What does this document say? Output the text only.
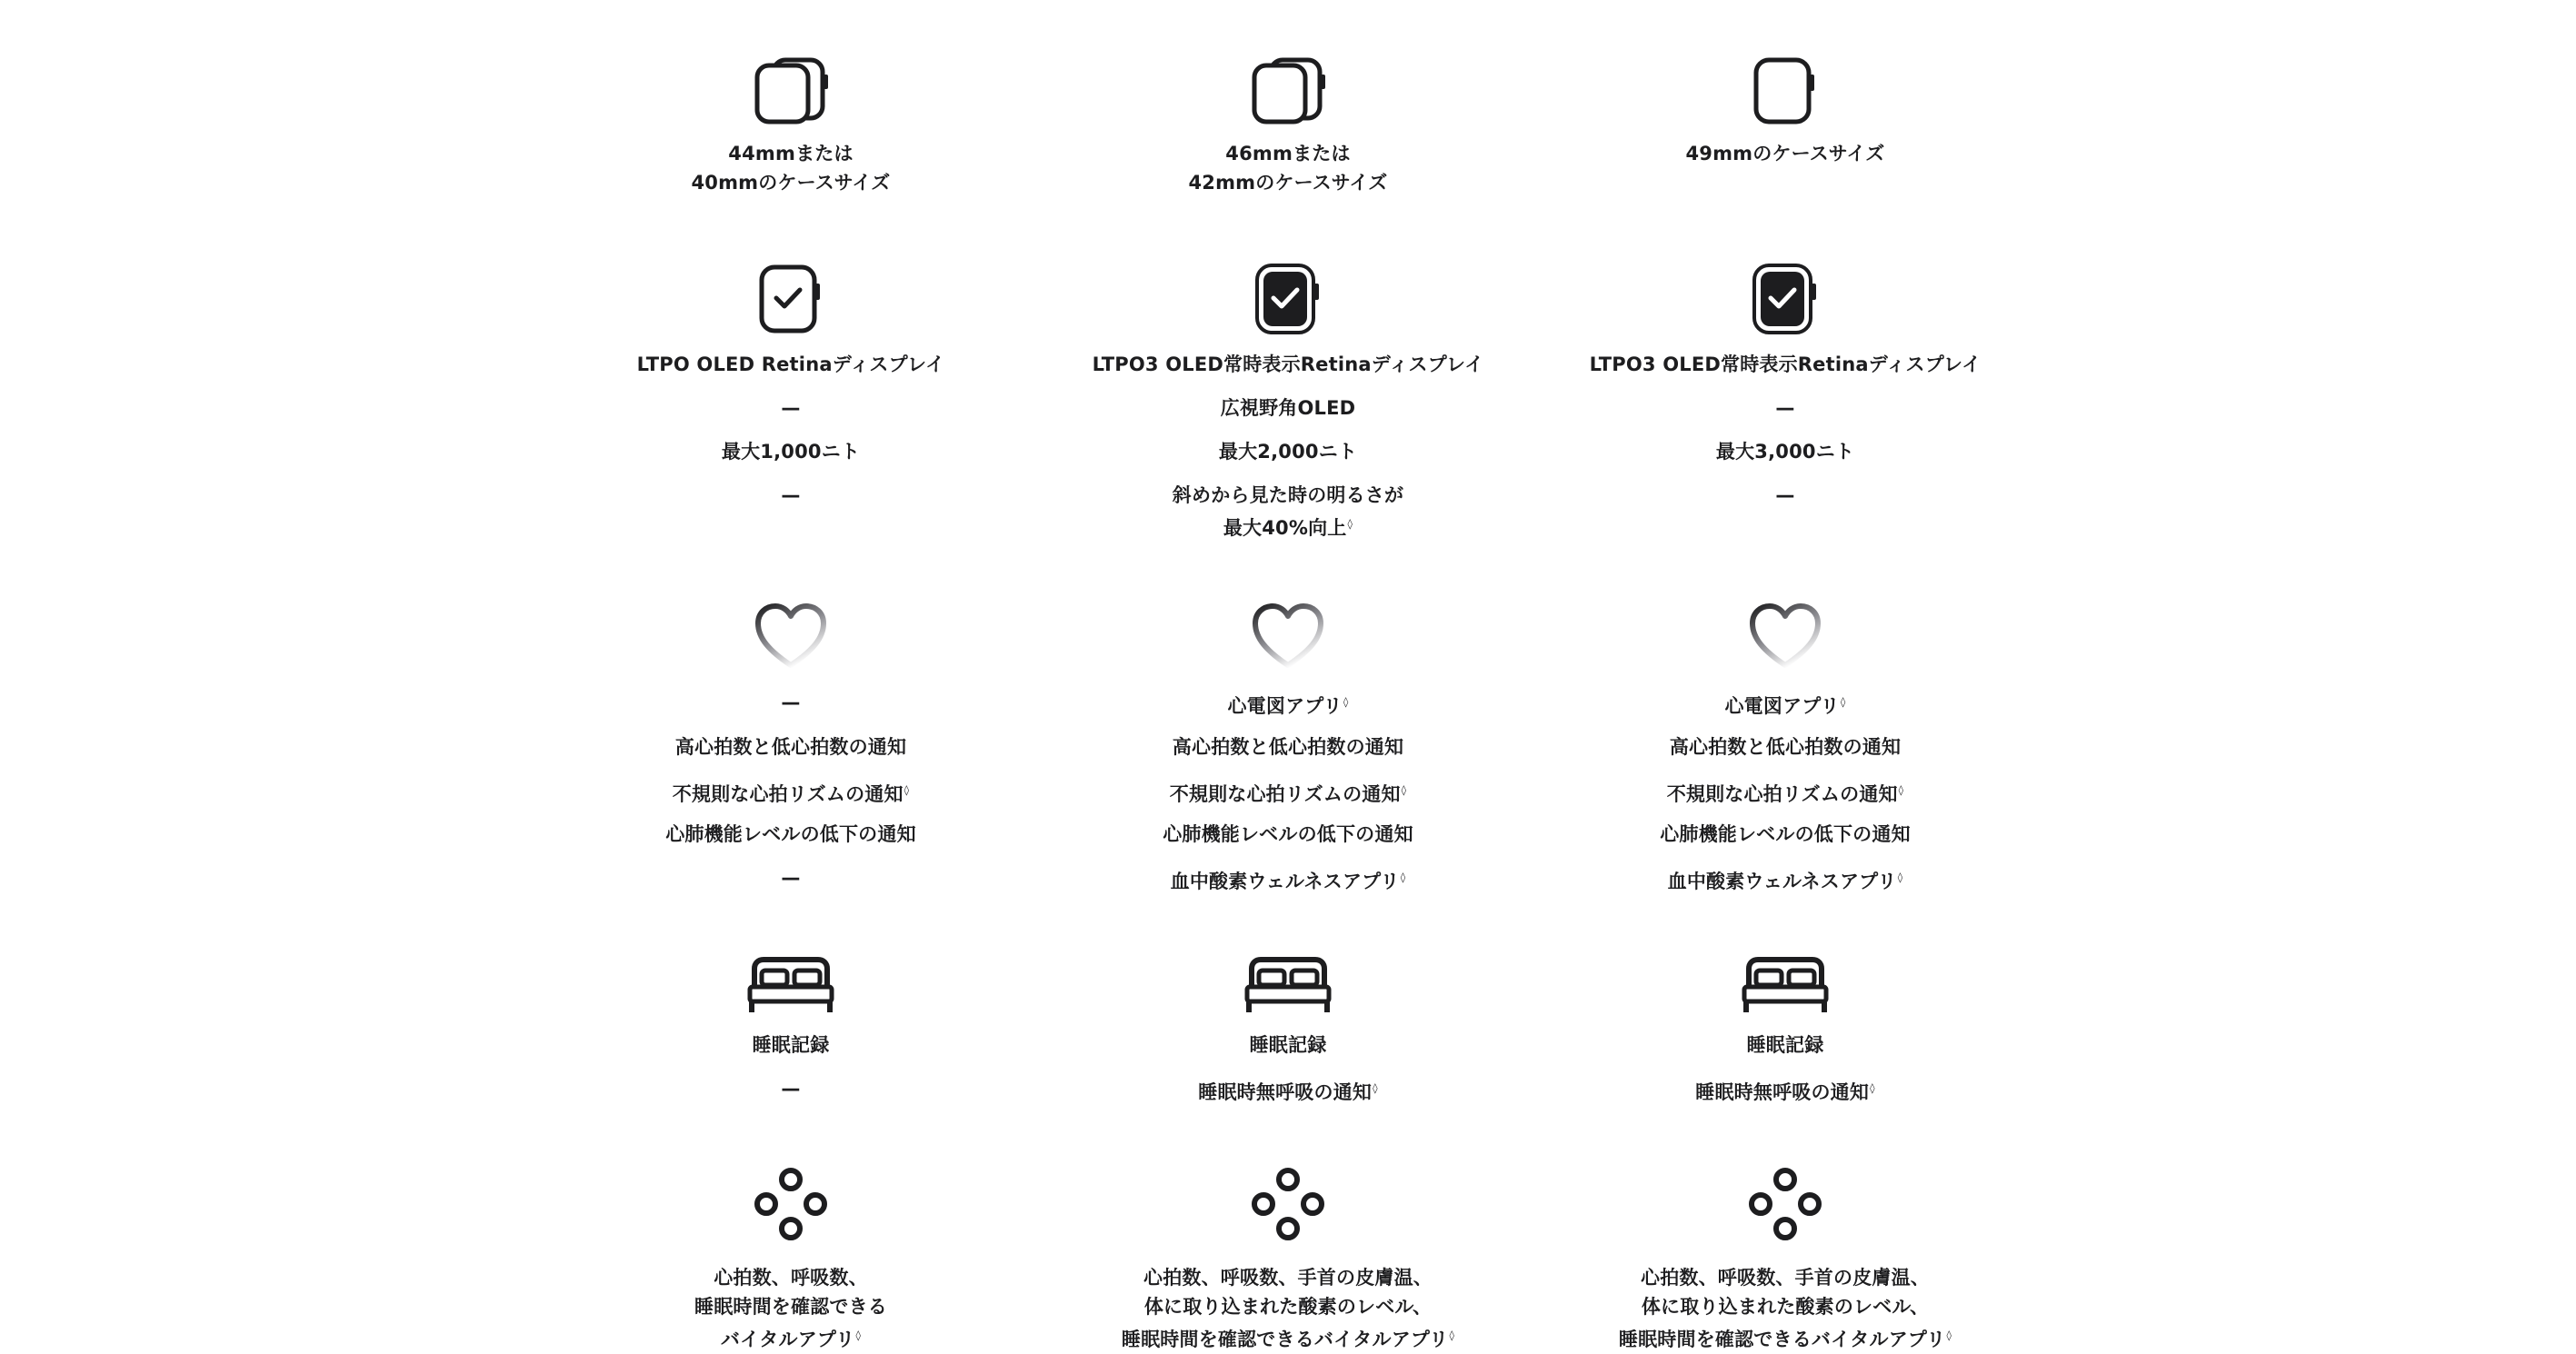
44mmまたは
40mmのケースサイズ
LTPO OLED Retinaディスプレイ
—
最大1,000ニト
—
—
高心拍数と低心拍数の通知
不規則な心拍リズムの通知◊
心肺機能レベルの低下の通知
—
睡眠記録
—
心拍数、呼吸数、
睡眠時間を確認できる
バイタルアプリ◊
46mmまたは
42mmのケースサイズ
LTPO3 OLED常時表示Retinaディスプレイ
広視野角OLED
最大2,000ニト
斜めから見た時の明るさが
最大40%向上◊
心電図アプリ◊
高心拍数と低心拍数の通知
不規則な心拍リズムの通知◊
心肺機能レベルの低下の通知
血中酸素ウェルネスアプリ◊
睡眠記録
睡眠時無呼吸の通知◊
心拍数、呼吸数、手首の皮膚温、
体に取り込まれた酸素のレベル、
睡眠時間を確認できるバイタルアプリ◊
49mmのケースサイズ
LTPO3 OLED常時表示Retinaディスプレイ
—
最大3,000ニト
—
心電図アプリ◊
高心拍数と低心拍数の通知
不規則な心拍リズムの通知◊
心肺機能レベルの低下の通知
血中酸素ウェルネスアプリ◊
睡眠記録
睡眠時無呼吸の通知◊
心拍数、呼吸数、手首の皮膚温、
体に取り込まれた酸素のレベル、
睡眠時間を確認できるバイタルアプリ◊
